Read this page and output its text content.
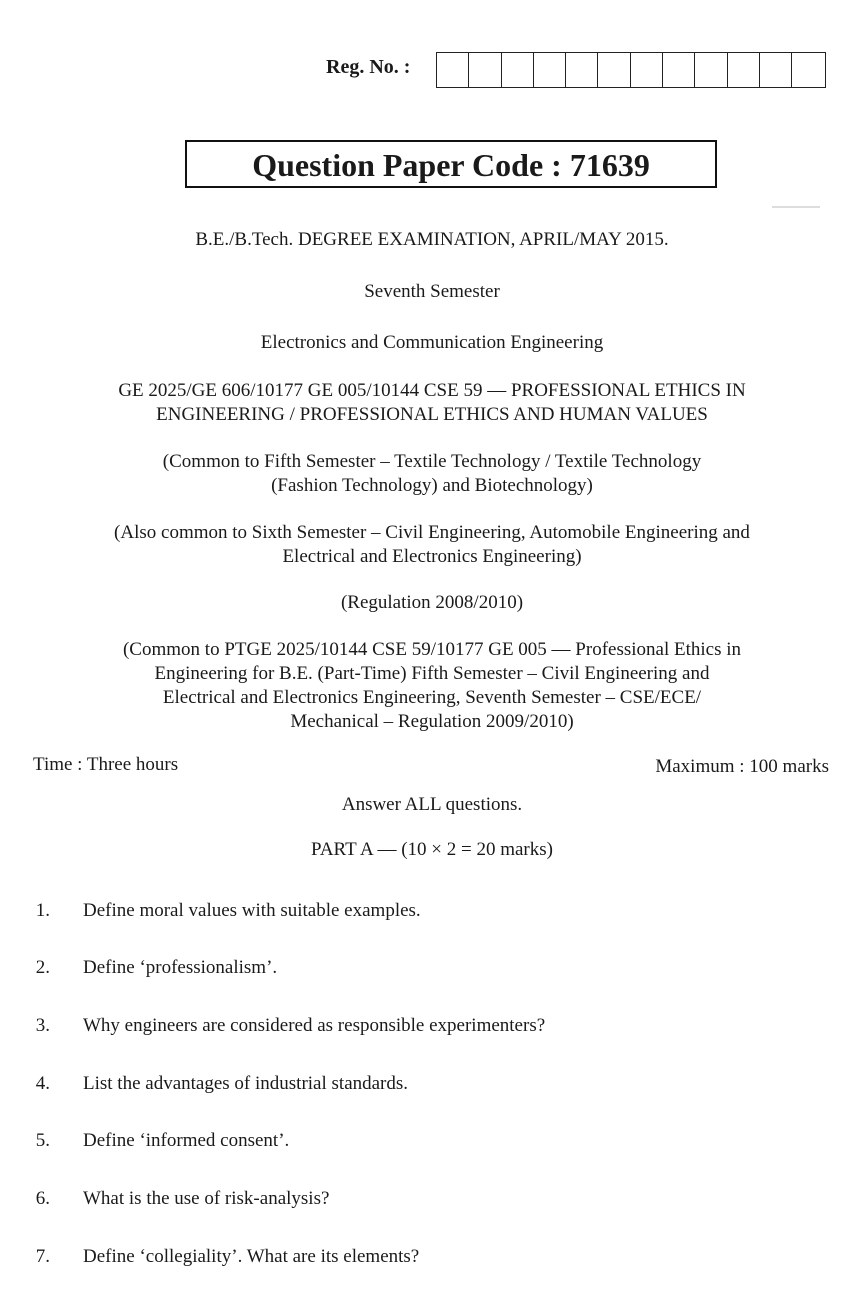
Reg. No. :
Question Paper Code : 71639
B.E./B.Tech. DEGREE EXAMINATION, APRIL/MAY 2015.
Seventh Semester
Electronics and Communication Engineering
GE 2025/GE 606/10177 GE 005/10144 CSE 59 — PROFESSIONAL ETHICS IN
ENGINEERING / PROFESSIONAL ETHICS AND HUMAN VALUES
(Common to Fifth Semester – Textile Technology / Textile Technology
(Fashion Technology) and Biotechnology)
(Also common to Sixth Semester – Civil Engineering, Automobile Engineering and
Electrical and Electronics Engineering)
(Regulation 2008/2010)
(Common to PTGE 2025/10144 CSE 59/10177 GE 005 — Professional Ethics in
Engineering for B.E. (Part-Time) Fifth Semester – Civil Engineering and
Electrical and Electronics Engineering, Seventh Semester – CSE/ECE/
Mechanical – Regulation 2009/2010)
Time : Three hours	Maximum : 100 marks
Answer ALL questions.
PART A — (10 × 2 = 20 marks)
1. Define moral values with suitable examples.
2. Define ‘professionalism’.
3. Why engineers are considered as responsible experimenters?
4. List the advantages of industrial standards.
5. Define ‘informed consent’.
6. What is the use of risk-analysis?
7. Define ‘collegiality’. What are its elements?
